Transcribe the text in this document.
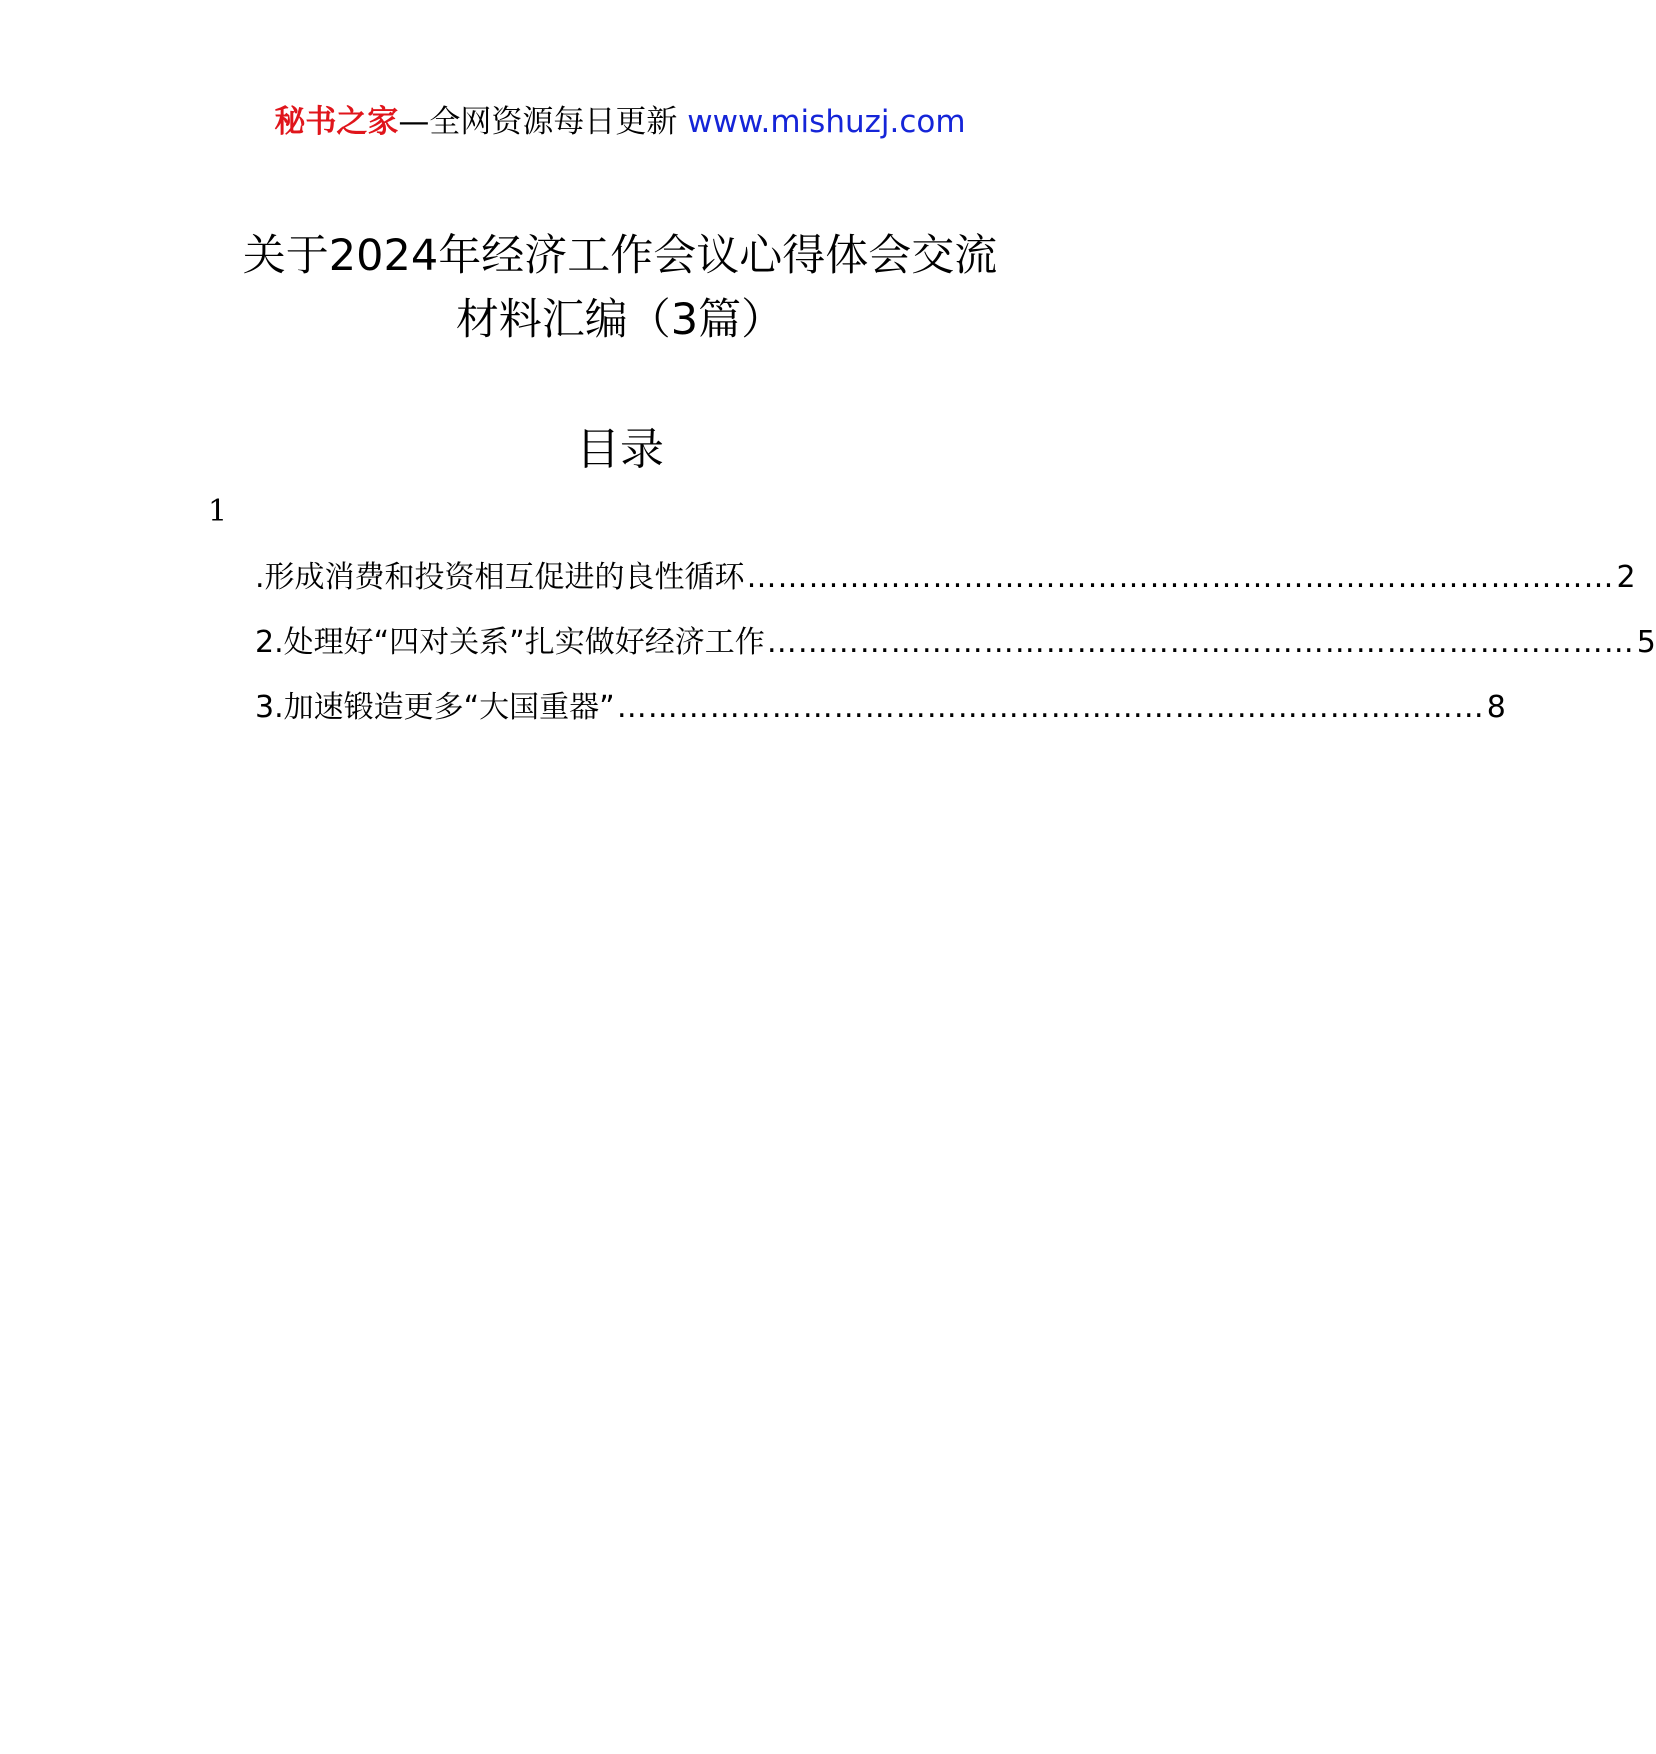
秘书之家—全网资源每日更新 www.mishuzj.com
关于2024年经济工作会议心得体会交流
材料汇编（3篇）
目录
1
.形成消费和投资相互促进的良性循环 ………………………………………………………………………… 2
2.处理好“四对关系”扎实做好经济工作 ………………………………………………………………………… 5
3.加速锻造更多“大国重器” ………………………………………………………………………… 8
